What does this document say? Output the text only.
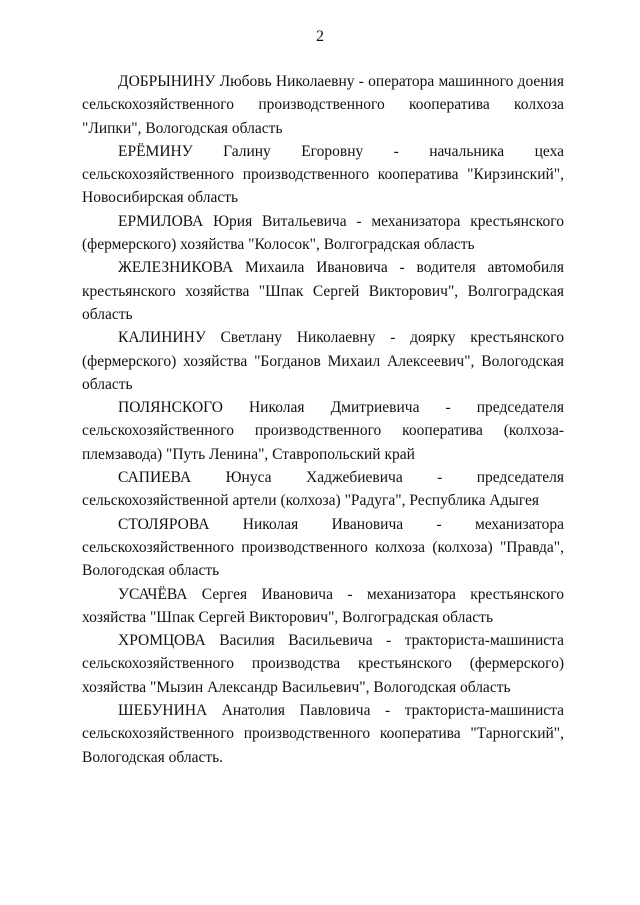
2

ДОБРЫНИНУ Любовь Николаевну - оператора машинного доения сельскохозяйственного производственного кооператива колхоза "Липки", Вологодская область

ЕРЁМИНУ Галину Егоровну - начальника цеха сельскохозяйственного производственного кооператива "Кирзинский", Новосибирская область

ЕРМИЛОВА Юрия Витальевича - механизатора крестьянского (фермерского) хозяйства "Колосок", Волгоградская область

ЖЕЛЕЗНИКОВА Михаила Ивановича - водителя автомобиля крестьянского хозяйства "Шпак Сергей Викторович", Волгоградская область

КАЛИНИНУ Светлану Николаевну - доярку крестьянского (фермерского) хозяйства "Богданов Михаил Алексеевич", Вологодская область

ПОЛЯНСКОГО Николая Дмитриевича - председателя сельскохозяйственного производственного кооператива (колхоза-племзавода) "Путь Ленина", Ставропольский край

САПИЕВА Юнуса Хаджебиевича - председателя сельскохозяйственной артели (колхоза) "Радуга", Республика Адыгея

СТОЛЯРОВА Николая Ивановича - механизатора сельскохозяйственного производственного колхоза (колхоза) "Правда", Вологодская область

УСАЧЁВА Сергея Ивановича - механизатора крестьянского хозяйства "Шпак Сергей Викторович", Волгоградская область

ХРОМЦОВА Василия Васильевича - тракториста-машиниста сельскохозяйственного производства крестьянского (фермерского) хозяйства "Мызин Александр Васильевич", Вологодская область

ШЕБУНИНА Анатолия Павловича - тракториста-машиниста сельскохозяйственного производственного кооператива "Тарногский", Вологодская область.
